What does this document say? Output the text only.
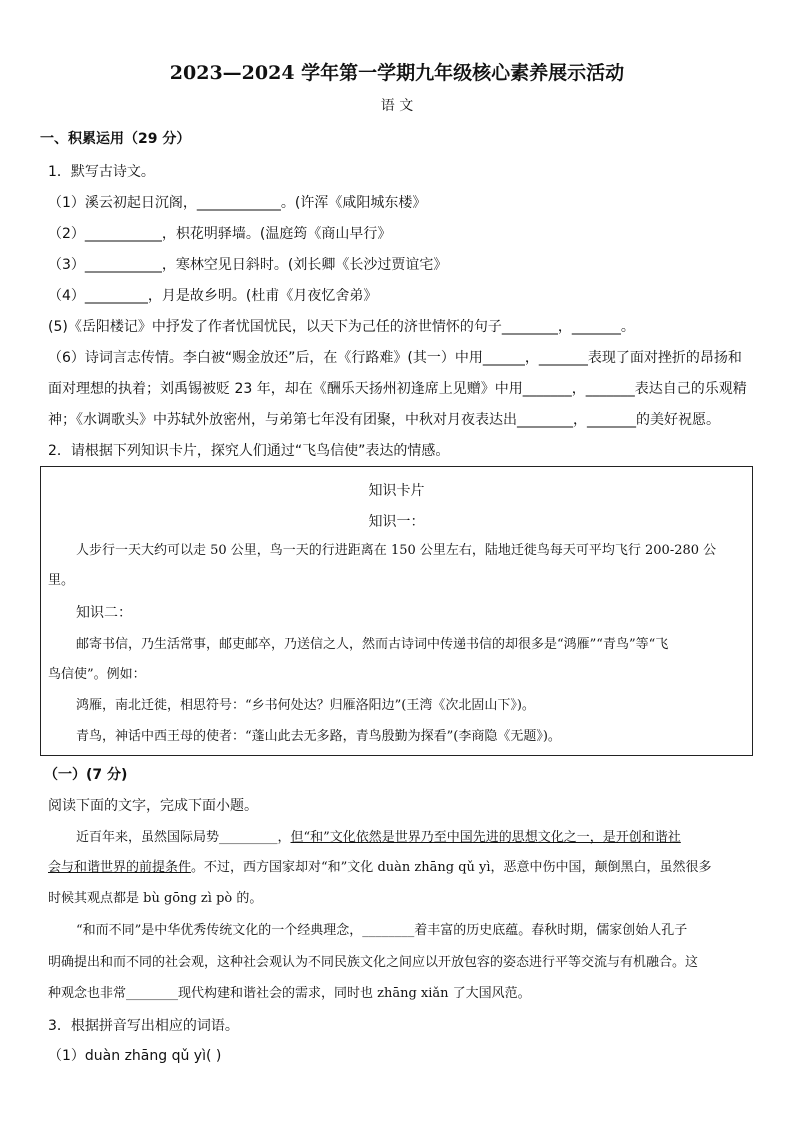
2023—2024 学年第一学期九年级核心素养展示活动
语 文
一、积累运用（29 分）
1．默写古诗文。
（1）溪云初起日沉阁，____________。(许浑《咸阳城东楼》
（2）___________，枳花明驿墙。(温庭筠《商山早行》
（3）___________，寒林空见日斜时。(刘长卿《长沙过贾谊宅》
（4）_________，月是故乡明。(杜甫《月夜忆舍弟》
(5)《岳阳楼记》中抒发了作者忧国忧民，以天下为己任的济世情怀的句子________，_______。
（6）诗词言志传情。李白被“赐金放还”后，在《行路难》(其一）中用______，_______表现了面对挫折的昂扬和
面对理想的执着；刘禹锡被贬 23 年，却在《酬乐天扬州初逢席上见赠》中用_______，_______表达自己的乐观精
神；《水调歌头》中苏轼外放密州，与弟第七年没有团聚，中秋对月夜表达出________，_______的美好祝愿。
2．请根据下列知识卡片，探究人们通过“飞鸟信使”表达的情感。
知识卡片
知识一：
人步行一天大约可以走 50 公里，鸟一天的行进距离在 150 公里左右，陆地迁徙鸟每天可平均飞行 200-280 公
里。
知识二：
邮寄书信，乃生活常事，邮吏邮卒，乃送信之人，然而古诗词中传递书信的却很多是“鸿雁”“青鸟”等“飞
鸟信使”。例如：
鸿雁，南北迁徙，相思符号：“乡书何处达？归雁洛阳边”(王湾《次北固山下》)。
青鸟，神话中西王母的使者：“蓬山此去无多路，青鸟殷勤为探看”(李商隐《无题》)。
（一）(7 分)
阅读下面的文字，完成下面小题。
近百年来，虽然国际局势_________，但“和”文化依然是世界乃至中国先进的思想文化之一，是开创和谐社
会与和谐世界的前提条件。不过，西方国家却对“和”文化 duàn zhāng qǔ yì，恶意中伤中国，颠倒黑白，虽然很多
时候其观点都是 bù gōng zì pò 的。
“和而不同”是中华优秀传统文化的一个经典理念，________着丰富的历史底蕴。春秋时期，儒家创始人孔子
明确提出和而不同的社会观，这种社会观认为不同民族文化之间应以开放包容的姿态进行平等交流与有机融合。这
种观念也非常________现代构建和谐社会的需求，同时也 zhāng xiǎn 了大国风范。
3．根据拼音写出相应的词语。
（1）duàn zhāng qǔ yì( )
